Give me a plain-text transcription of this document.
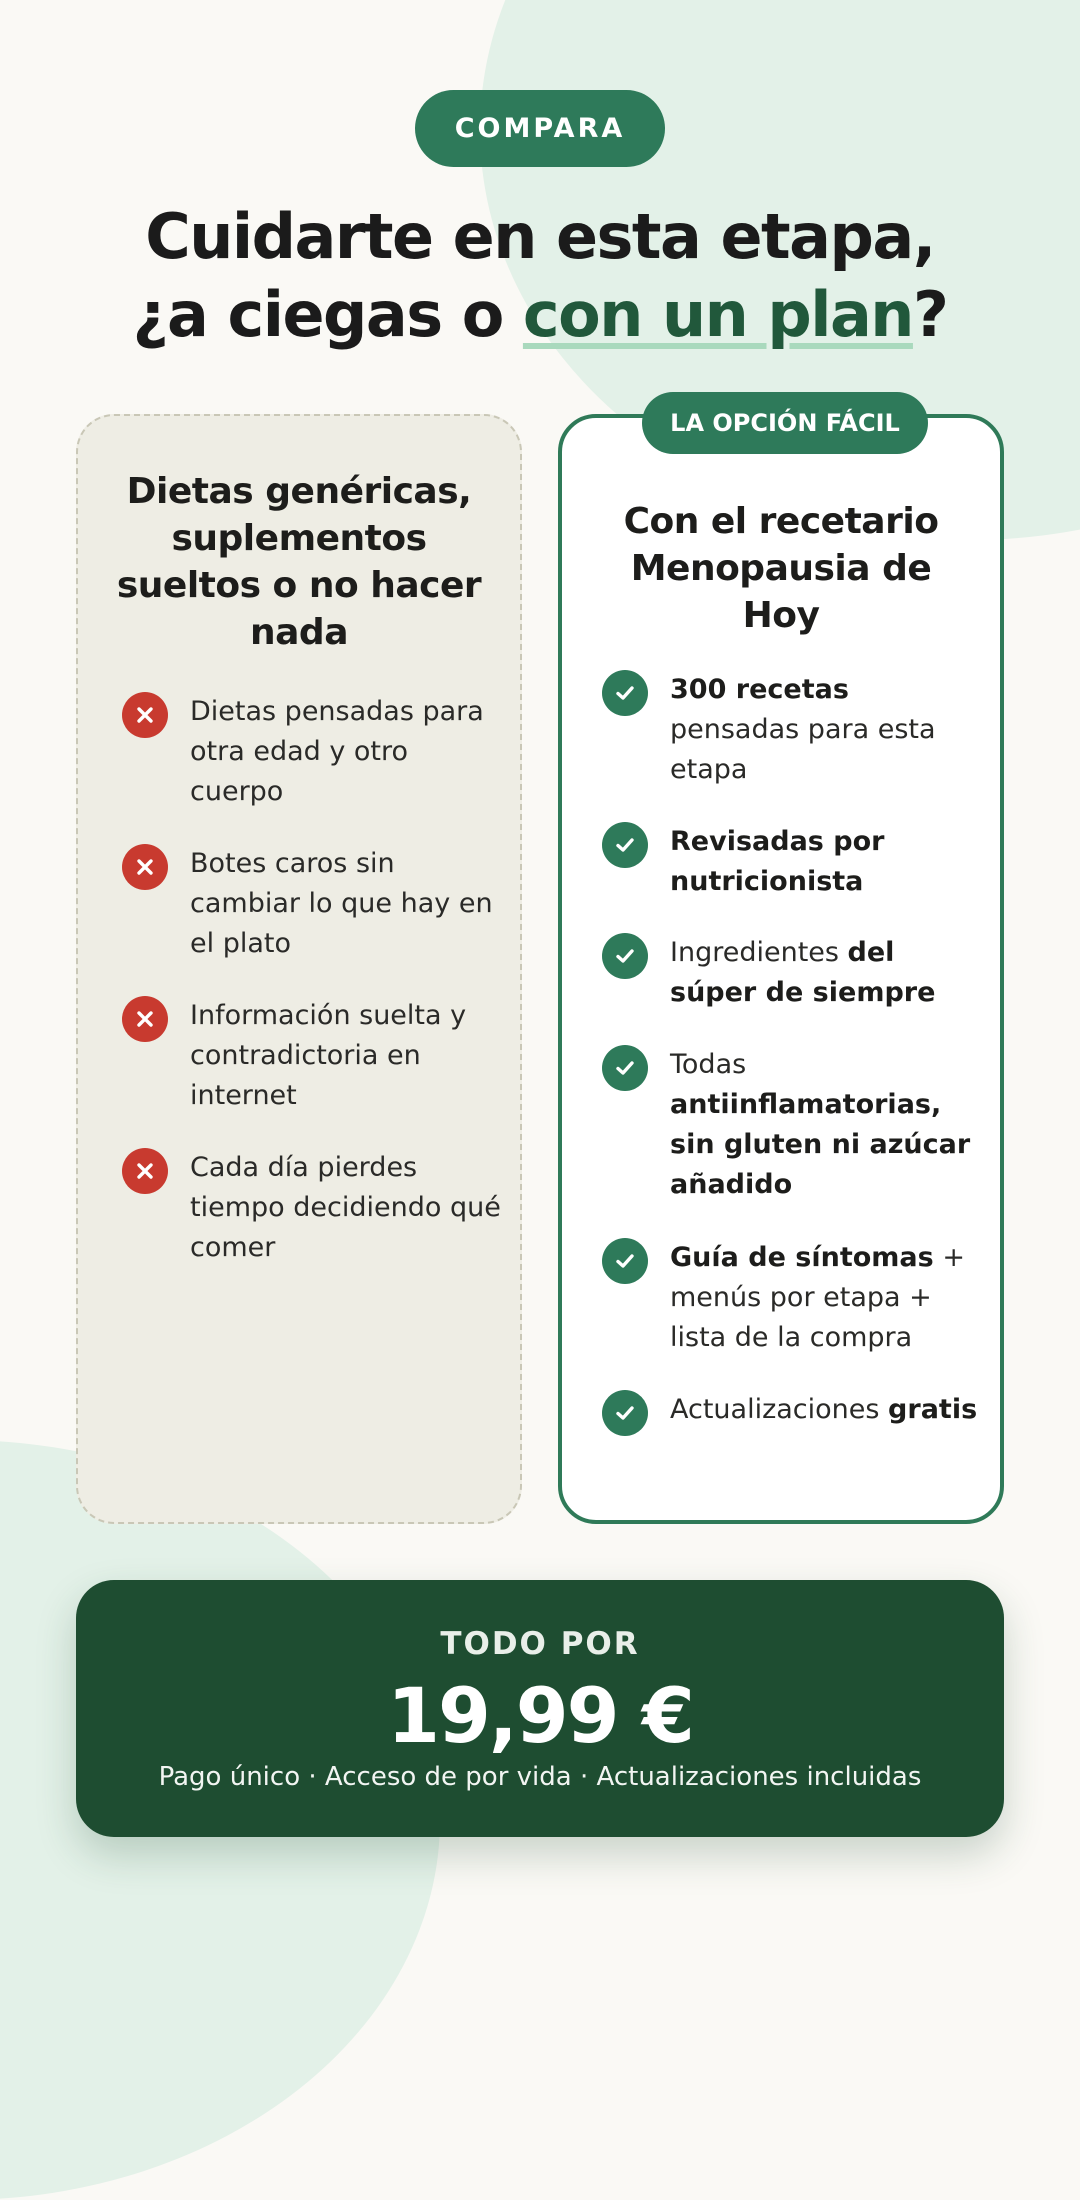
COMPARA
Cuidarte en esta etapa,
¿a ciegas o con un plan?
Dietas genéricas, suplementos sueltos o no hacer nada
Dietas pensadas para otra edad y otro cuerpo
Botes caros sin cambiar lo que hay en el plato
Información suelta y contradictoria en internet
Cada día pierdes tiempo decidiendo qué comer
LA OPCIÓN FÁCIL
Con el recetario Menopausia de Hoy
300 recetas pensadas para esta etapa
Revisadas por nutricionista
Ingredientes del súper de siempre
Todas antiinflamatorias, sin gluten ni azúcar añadido
Guía de síntomas + menús por etapa + lista de la compra
Actualizaciones gratis
TODO POR
19,99 €
Pago único · Acceso de por vida · Actualizaciones incluidas
